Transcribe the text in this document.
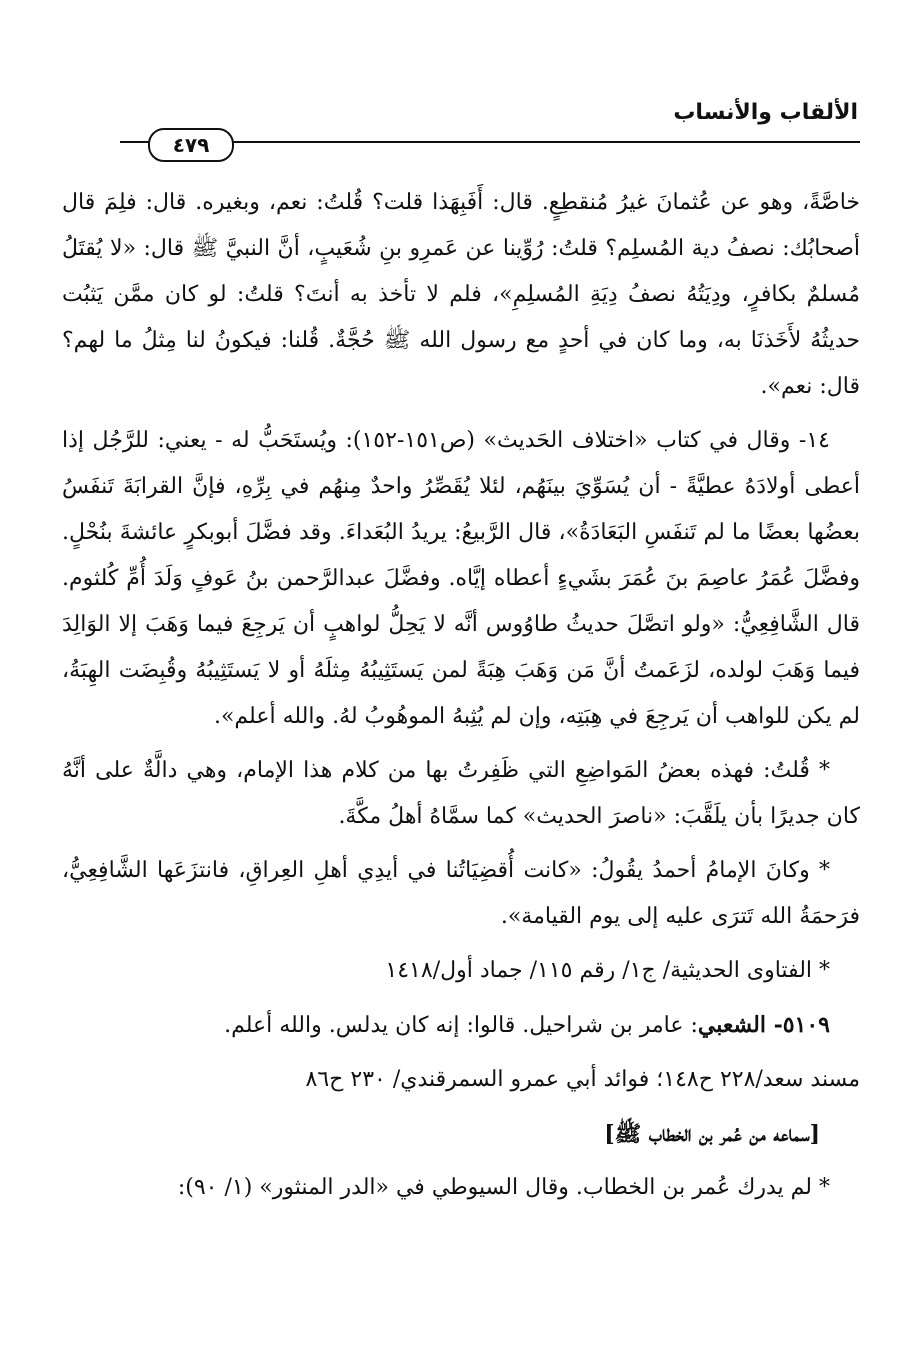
الألقاب والأنساب
٤٧٩

خاصَّةً، وهو عن عُثمانَ غيرُ مُنقطِعٍ. قال: أَفَبِهَذا قلت؟ قُلتُ: نعم، وبغيره. قال: فلِمَ قال أصحابُك: نصفُ دية المُسلِم؟ قلتُ: رُوِّينا عن عَمرِو بنِ شُعَيبٍ، أنَّ النبيَّ ﷺ قال: «لا يُقتَلُ مُسلمٌ بكافرٍ، ودِيَتُهُ نصفُ دِيَةِ المُسلِمِ»، فلم لا تأخذ به أنتَ؟ قلتُ: لو كان ممَّن يَثبُت حديثُهُ لأَخَذنَا به، وما كان في أحدٍ مع رسول الله ﷺ حُجَّةٌ. قُلنا: فيكونُ لنا مِثلُ ما لهم؟ قال: نعم».

١٤- وقال في كتاب «اختلاف الحَديث» (ص١٥١-١٥٢): ويُستَحَبُّ له - يعني: للرَّجُل إذا أعطى أولادَهُ عطيَّةً - أن يُسَوِّيَ بينَهُم، لئلا يُقَصِّرُ واحدٌ مِنهُم في بِرِّهِ، فإنَّ القرابَةَ تَنفَسُ بعضُها بعضًا ما لم تَنفَسِ البَعَادَةُ»، قال الرَّبيعُ: يريدُ البُعَداءَ. وقد فضَّلَ أبوبكرٍ عائشةَ بنُحْلٍ. وفضَّلَ عُمَرُ عاصِمَ بنَ عُمَرَ بشَيءٍ أعطاه إيَّاه. وفضَّلَ عبدالرَّحمن بنُ عَوفٍ وَلَدَ أُمِّ كُلثوم. قال الشَّافِعِيُّ: «ولو اتصَّلَ حديثُ طاوُوس أنَّه لا يَحِلُّ لواهبٍ أن يَرجِعَ فيما وَهَبَ إلا الوَالِدَ فيما وَهَبَ لولده، لزَعَمتُ أنَّ مَن وَهَبَ هِبَةً لمن يَستَثِيبُهُ مِثلَهُ أو لا يَستَثِيبُهُ وقُبِضَت الهِبَةُ، لم يكن للواهب أن يَرجِعَ في هِبَتِه، وإن لم يُثِبهُ الموهُوبُ لهُ. والله أعلم».

* قُلتُ: فهذه بعضُ المَواضِعِ التي ظَفِرتُ بها من كلام هذا الإمام، وهي دالَّةٌ على أنَّهُ كان جديرًا بأن يلَقَّبَ: «ناصرَ الحديث» كما سمَّاهُ أهلُ مكَّةَ.

* وكانَ الإمامُ أحمدُ يقُولُ: «كانت أُقضِيَاتُنا في أيدِي أهلِ العِراقِ، فانتزَعَها الشَّافِعِيُّ، فرَحمَةُ الله تَترَى عليه إلى يوم القيامة».

* الفتاوى الحديثية/ ج١/ رقم ١١٥/ جماد أول/١٤١٨

٥١٠٩- الشعبي: عامر بن شراحيل. قالوا: إنه كان يدلس. والله أعلم.

مسند سعد/٢٢٨ ح١٤٨؛ فوائد أبي عمرو السمرقندي/ ٢٣٠ ح٨٦

[سماعه من عُمر بن الخطاب ﷺ]

* لم يدرك عُمر بن الخطاب. وقال السيوطي في «الدر المنثور» (١/ ٩٠):
